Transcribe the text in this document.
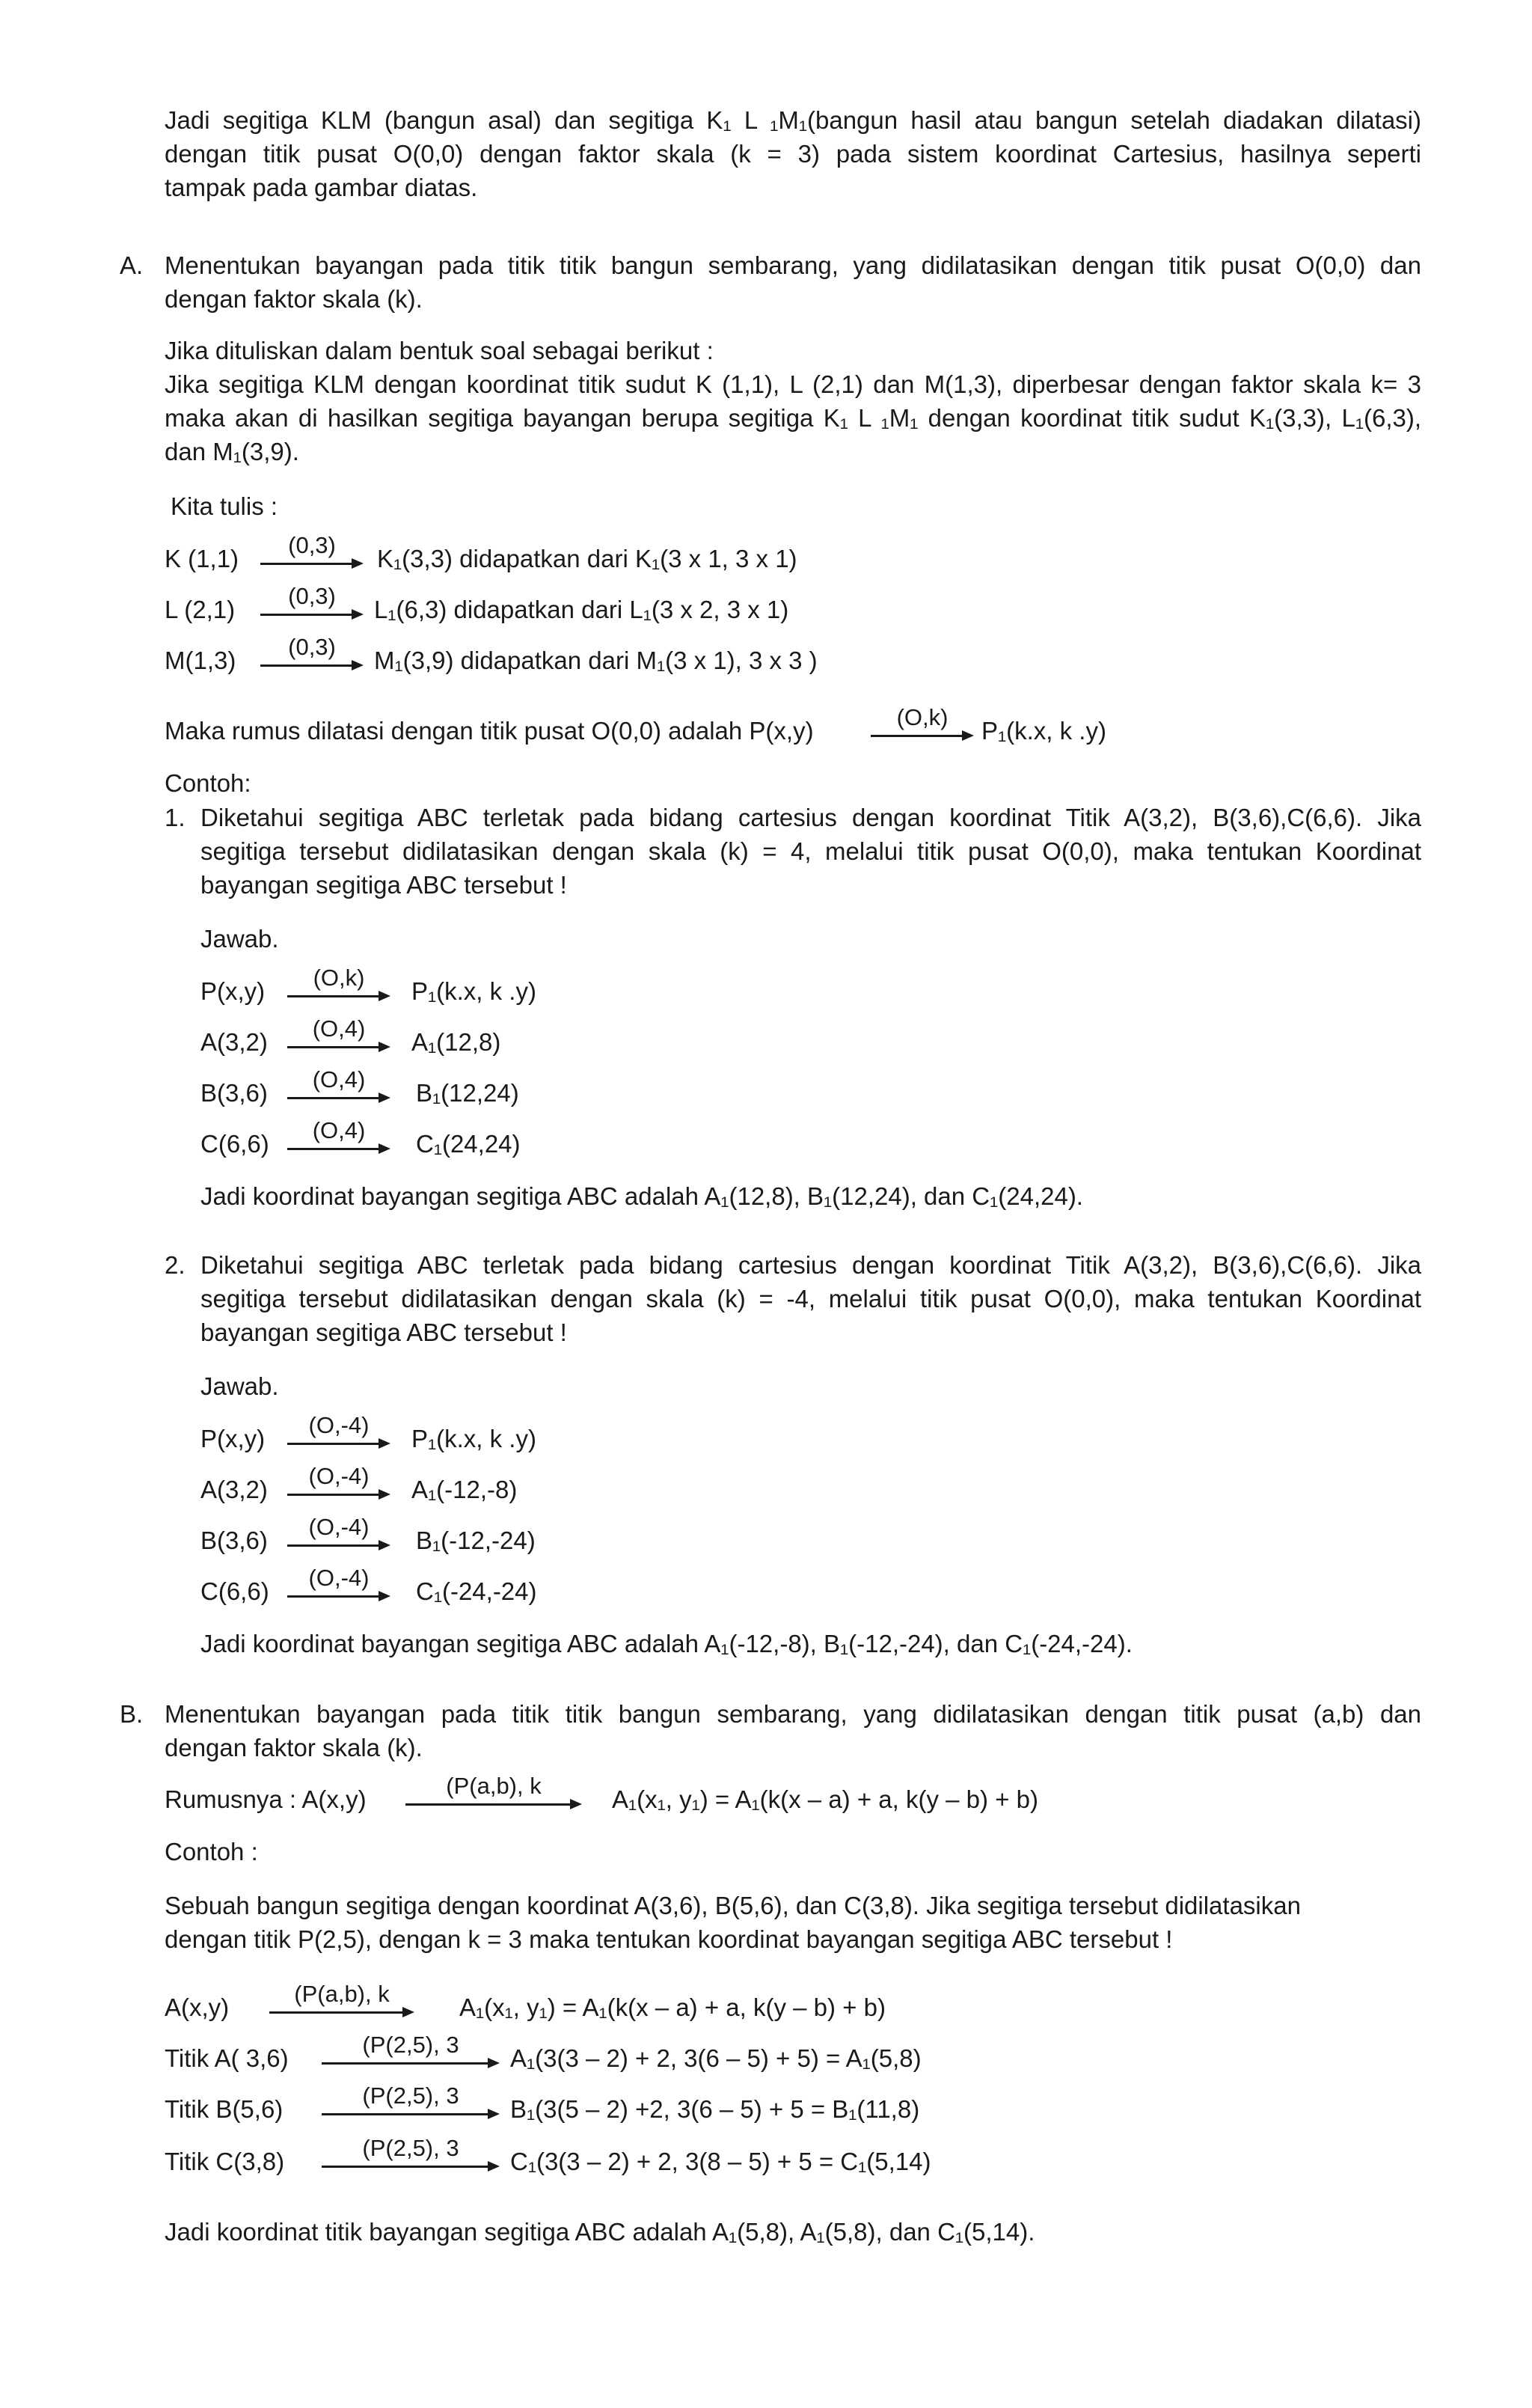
Jadi segitiga KLM (bangun asal) dan segitiga K₁ L ₁M₁(bangun hasil atau bangun setelah diadakan dilatasi)
dengan titik pusat O(0,0) dengan faktor skala (k = 3) pada sistem koordinat Cartesius, hasilnya seperti
tampak pada gambar diatas.

A. Menentukan bayangan pada titik titik bangun sembarang, yang didilatasikan dengan titik pusat O(0,0) dan
dengan faktor skala (k).

Jika dituliskan dalam bentuk soal sebagai berikut :
Jika segitiga KLM dengan koordinat titik sudut K (1,1), L (2,1) dan M(1,3), diperbesar dengan faktor skala k= 3
maka akan di hasilkan segitiga bayangan berupa segitiga K₁ L ₁M₁ dengan koordinat titik sudut K₁(3,3), L₁(6,3),
dan M₁(3,9).

Kita tulis :

K (1,1)	(0,3)	K₁(3,3) didapatkan dari K₁(3 x 1, 3 x 1)

L (2,1)	(0,3)	L₁(6,3) didapatkan dari L₁(3 x 2, 3 x 1)

M(1,3)	(0,3)	M₁(3,9) didapatkan dari M₁(3 x 1), 3 x 3 )

Maka rumus dilatasi dengan titik pusat O(0,0) adalah P(x,y)	(O,k)	P₁(k.x, k .y)

Contoh:

1. Diketahui segitiga ABC terletak pada bidang cartesius dengan koordinat Titik A(3,2), B(3,6),C(6,6). Jika
segitiga tersebut didilatasikan dengan skala (k) = 4, melalui titik pusat O(0,0), maka tentukan Koordinat
bayangan segitiga ABC tersebut !

Jawab.

P(x,y)	(O,k)	P₁(k.x, k .y)

A(3,2)	(O,4)	A₁(12,8)

B(3,6)	(O,4)	B₁(12,24)

C(6,6)	(O,4)	C₁(24,24)

Jadi koordinat bayangan segitiga ABC adalah A₁(12,8), B₁(12,24), dan C₁(24,24).

2. Diketahui segitiga ABC terletak pada bidang cartesius dengan koordinat Titik A(3,2), B(3,6),C(6,6). Jika
segitiga tersebut didilatasikan dengan skala (k) = -4, melalui titik pusat O(0,0), maka tentukan Koordinat
bayangan segitiga ABC tersebut !

Jawab.

P(x,y)	(O,-4)	P₁(k.x, k .y)

A(3,2)	(O,-4)	A₁(-12,-8)

B(3,6)	(O,-4)	B₁(-12,-24)

C(6,6)	(O,-4)	C₁(-24,-24)

Jadi koordinat bayangan segitiga ABC adalah A₁(-12,-8), B₁(-12,-24), dan C₁(-24,-24).

B. Menentukan bayangan pada titik titik bangun sembarang, yang didilatasikan dengan titik pusat (a,b) dan
dengan faktor skala (k).

Rumusnya : A(x,y)	(P(a,b), k	A₁(x₁, y₁) = A₁(k(x – a) + a, k(y – b) + b)

Contoh :

Sebuah bangun segitiga dengan koordinat A(3,6), B(5,6), dan C(3,8). Jika segitiga tersebut didilatasikan
dengan titik P(2,5), dengan k = 3 maka tentukan koordinat bayangan segitiga ABC tersebut !

A(x,y)	(P(a,b), k	A₁(x₁, y₁) = A₁(k(x – a) + a, k(y – b) + b)

Titik A( 3,6)	(P(2,5), 3	A₁(3(3 – 2) + 2, 3(6 – 5) + 5) = A₁(5,8)

Titik B(5,6)	(P(2,5), 3	B₁(3(5 – 2) +2, 3(6 – 5) + 5 = B₁(11,8)

Titik C(3,8)	(P(2,5), 3	C₁(3(3 – 2) + 2, 3(8 – 5) + 5 = C₁(5,14)

Jadi koordinat titik bayangan segitiga ABC adalah A₁(5,8), A₁(5,8), dan C₁(5,14).
